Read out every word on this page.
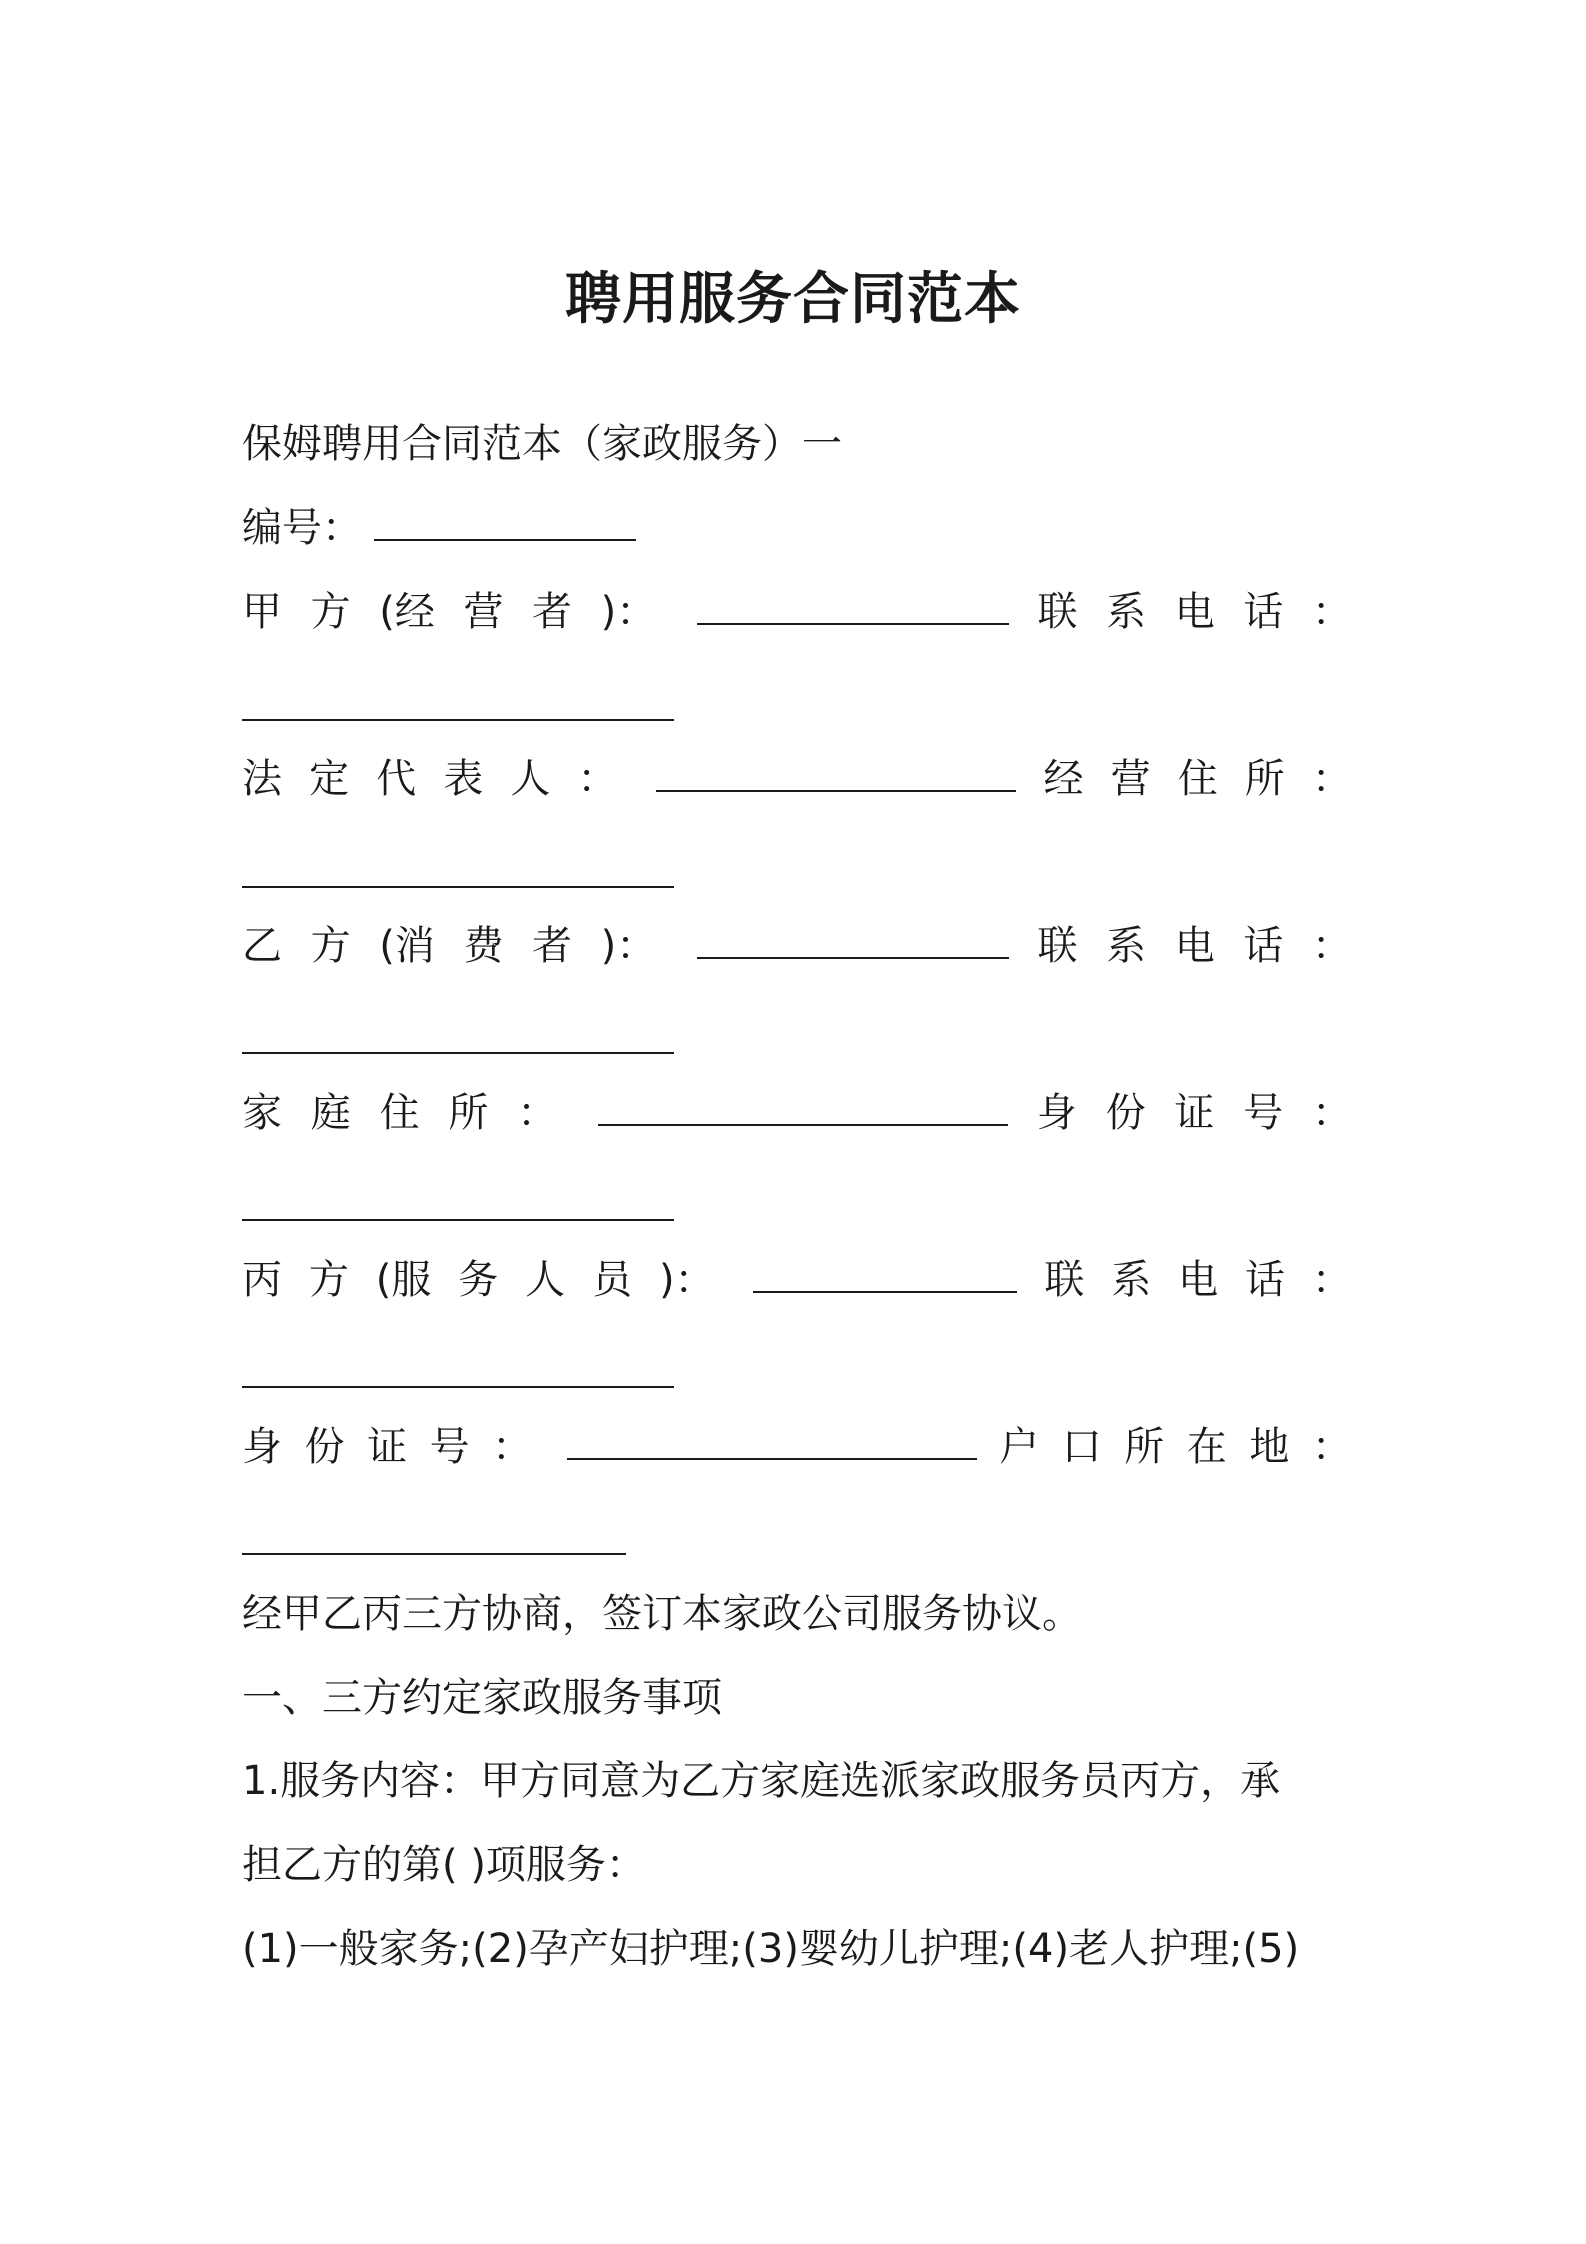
聘用服务合同范本
保姆聘用合同范本（家政服务）一
编号：
甲 方 (经 营 者 )：	联 系 电 话 ：
法 定 代 表 人 ：	经 营 住 所 ：
乙 方 (消 费 者 )：	联 系 电 话 ：
家 庭 住 所 ：	身 份 证 号 ：
丙 方 (服 务 人 员 )：	联 系 电 话 ：
身 份 证 号 ：	户 口 所 在 地 ：
经甲乙丙三方协商，签订本家政公司服务协议。
一、三方约定家政服务事项
1.服务内容：甲方同意为乙方家庭选派家政服务员丙方，承
担乙方的第( )项服务：
(1)一般家务;(2)孕产妇护理;(3)婴幼儿护理;(4)老人护理;(5)
